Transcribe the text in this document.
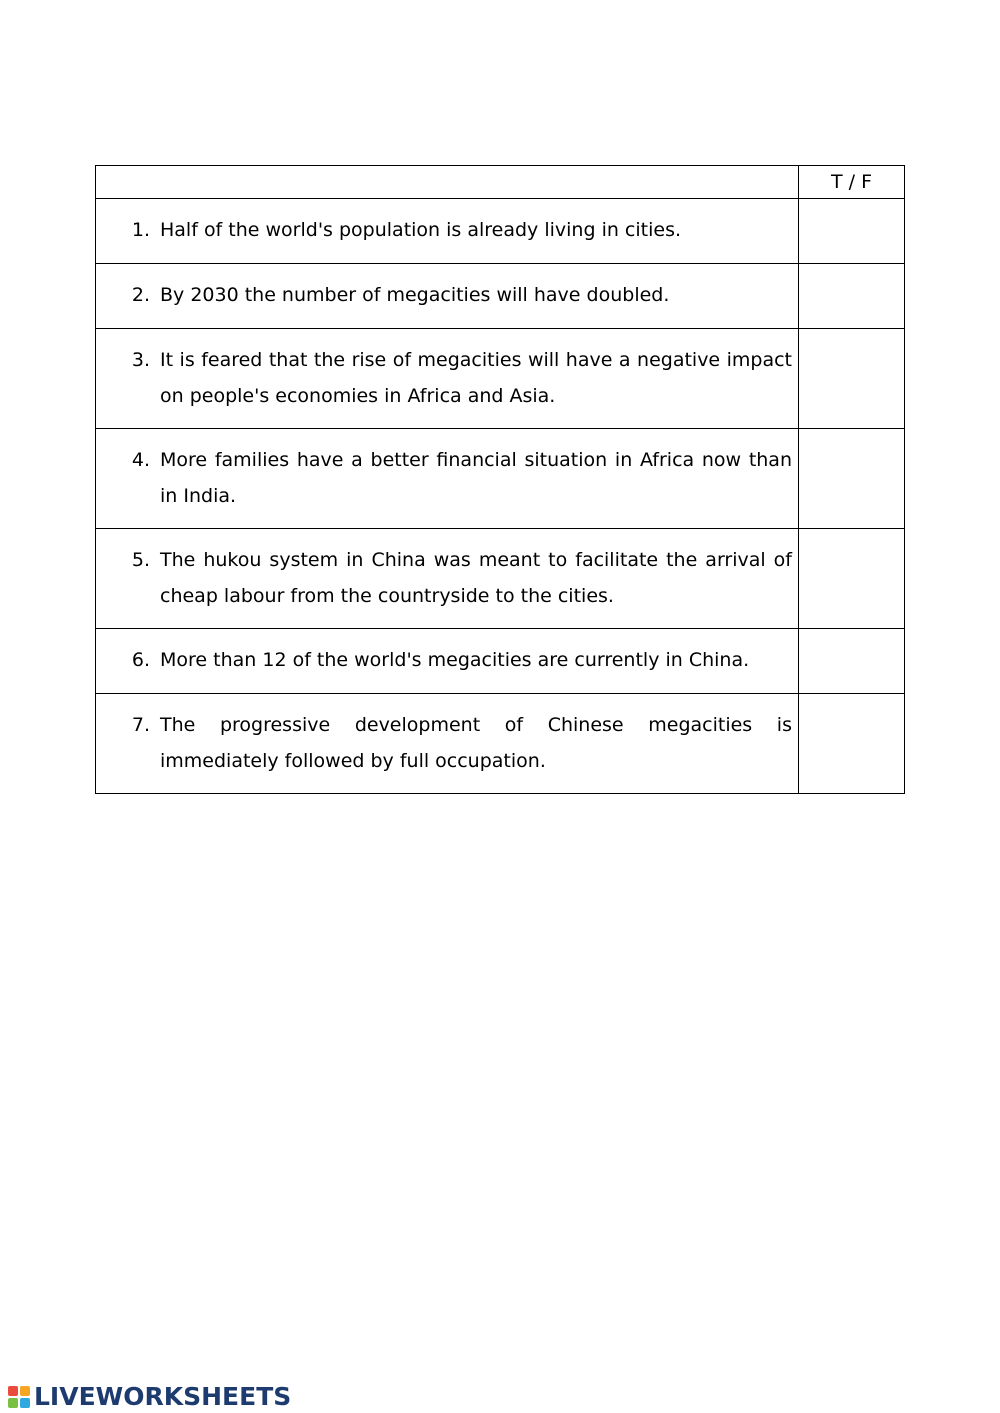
	T / F

1. Half of the world's population is already living in cities.	

2. By 2030 the number of megacities will have doubled.	

3. It is feared that the rise of megacities will have a negative impact on people's economies in Africa and Asia.	

4. More families have a better financial situation in Africa now than in India.	

5. The hukou system in China was meant to facilitate the arrival of cheap labour from the countryside to the cities.	

6. More than 12 of the world's megacities are currently in China.	

7. The progressive development of Chinese megacities is immediately followed by full occupation.	

LIVEWORKSHEETS
